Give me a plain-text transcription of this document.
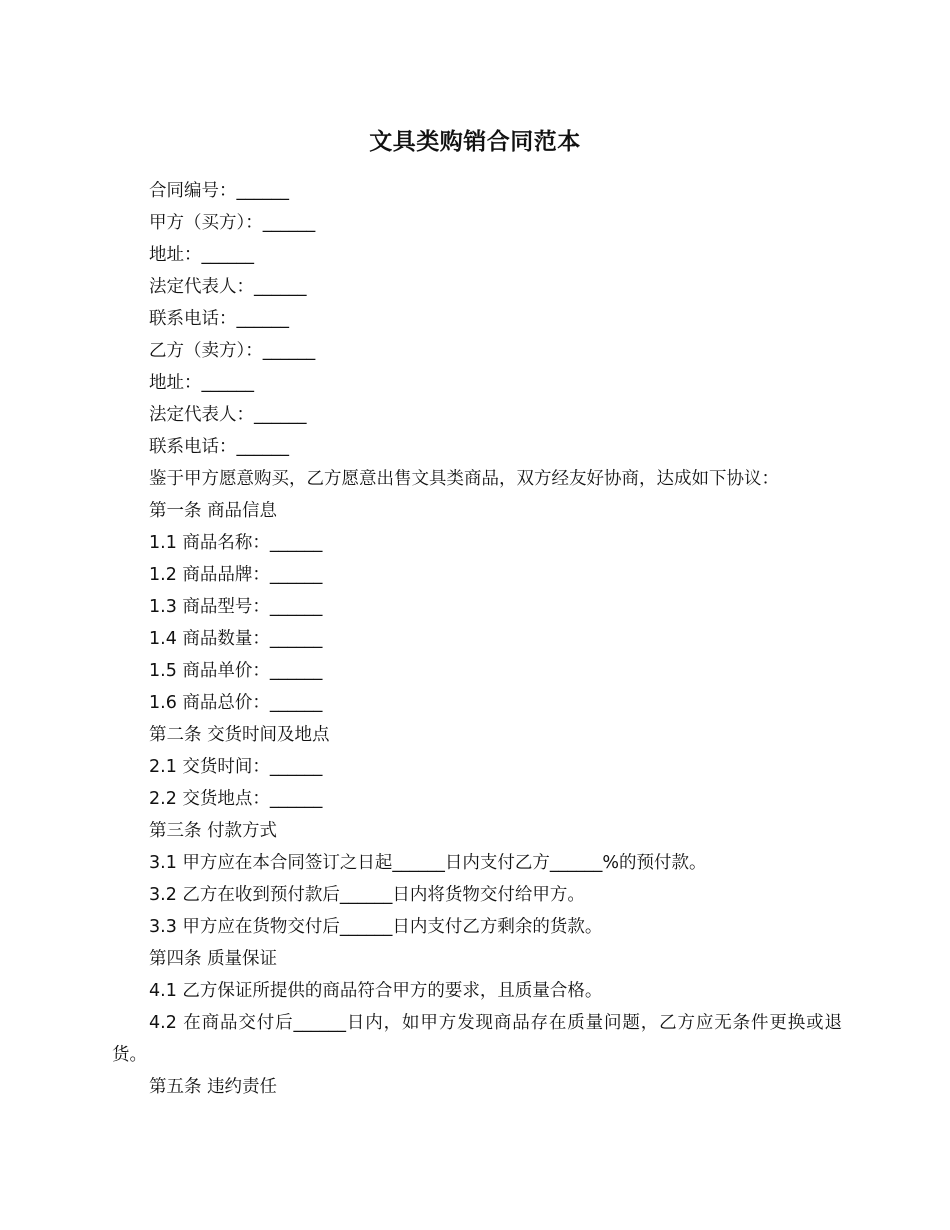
文具类购销合同范本
合同编号：______
甲方（买方）：______
地址：______
法定代表人：______
联系电话：______
乙方（卖方）：______
地址：______
法定代表人：______
联系电话：______
鉴于甲方愿意购买，乙方愿意出售文具类商品，双方经友好协商，达成如下协议：
第一条 商品信息
1.1 商品名称：______
1.2 商品品牌：______
1.3 商品型号：______
1.4 商品数量：______
1.5 商品单价：______
1.6 商品总价：______
第二条 交货时间及地点
2.1 交货时间：______
2.2 交货地点：______
第三条 付款方式
3.1 甲方应在本合同签订之日起______日内支付乙方______%的预付款。
3.2 乙方在收到预付款后______日内将货物交付给甲方。
3.3 甲方应在货物交付后______日内支付乙方剩余的货款。
第四条 质量保证
4.1 乙方保证所提供的商品符合甲方的要求，且质量合格。
4.2 在商品交付后______日内，如甲方发现商品存在质量问题，乙方应无条件更换或退货。
第五条 违约责任
